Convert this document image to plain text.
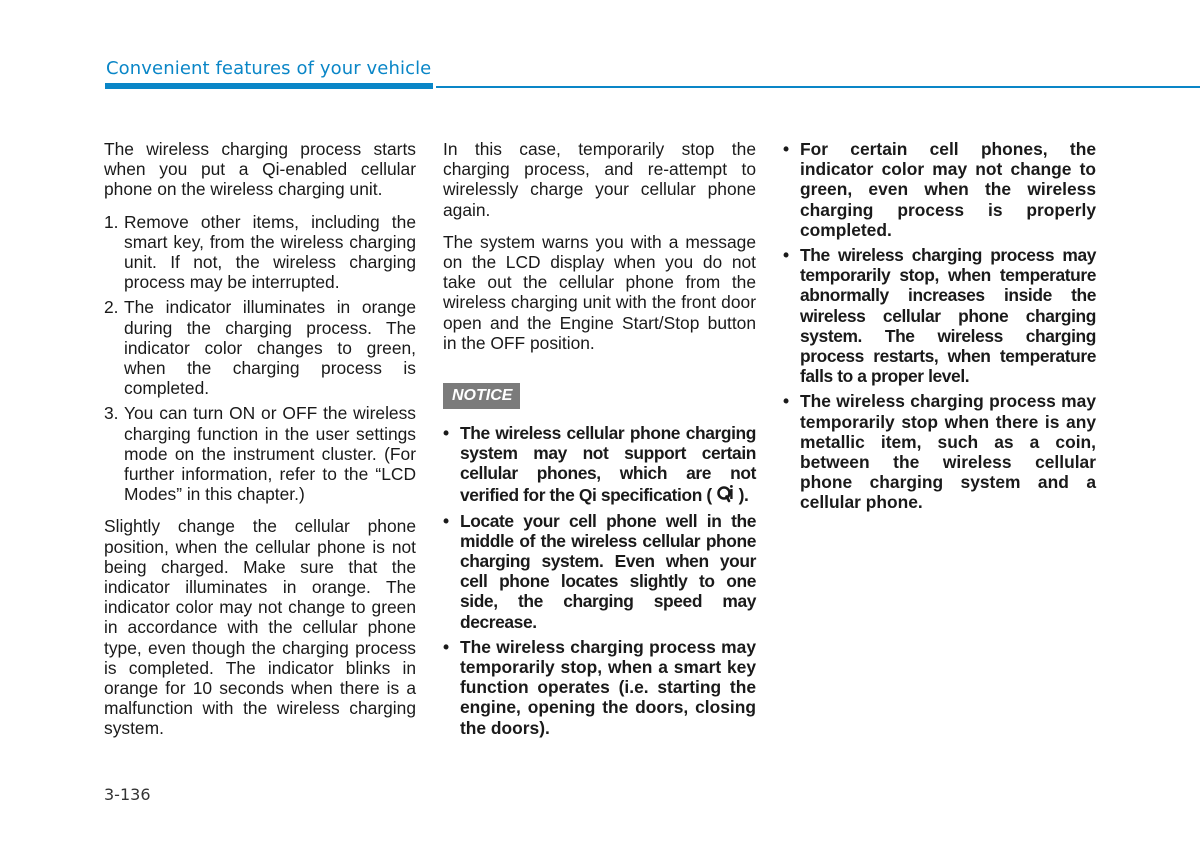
Convenient features of your vehicle

The wireless charging process starts when you put a Qi-enabled cellular phone on the wireless charging unit.

1. Remove other items, including the smart key, from the wireless charging unit. If not, the wireless charging process may be interrupted.
2. The indicator illuminates in orange during the charging process. The indicator color changes to green, when the charging process is completed.
3. You can turn ON or OFF the wireless charging function in the user settings mode on the instrument cluster. (For further information, refer to the “LCD Modes” in this chapter.)

Slightly change the cellular phone position, when the cellular phone is not being charged. Make sure that the indicator illuminates in orange. The indicator color may not change to green in accordance with the cellular phone type, even though the charging process is completed. The indicator blinks in orange for 10 seconds when there is a malfunction with the wireless charging system.

In this case, temporarily stop the charging process, and re-attempt to wirelessly charge your cellular phone again.

The system warns you with a message on the LCD display when you do not take out the cellular phone from the wireless charging unit with the front door open and the Engine Start/Stop button in the OFF position.

NOTICE
• The wireless cellular phone charging system may not support certain cellular phones, which are not verified for the Qi specification ( ).
• Locate your cell phone well in the middle of the wireless cellular phone charging system. Even when your cell phone locates slightly to one side, the charging speed may decrease.
• The wireless charging process may temporarily stop, when a smart key function operates (i.e. starting the engine, opening the doors, closing the doors).
• For certain cell phones, the indicator color may not change to green, even when the wireless charging process is properly completed.
• The wireless charging process may temporarily stop, when temperature abnormally increases inside the wireless cellular phone charging system. The wireless charging process restarts, when temperature falls to a proper level.
• The wireless charging process may temporarily stop when there is any metallic item, such as a coin, between the wireless cellular phone charging system and a cellular phone.
3-136
